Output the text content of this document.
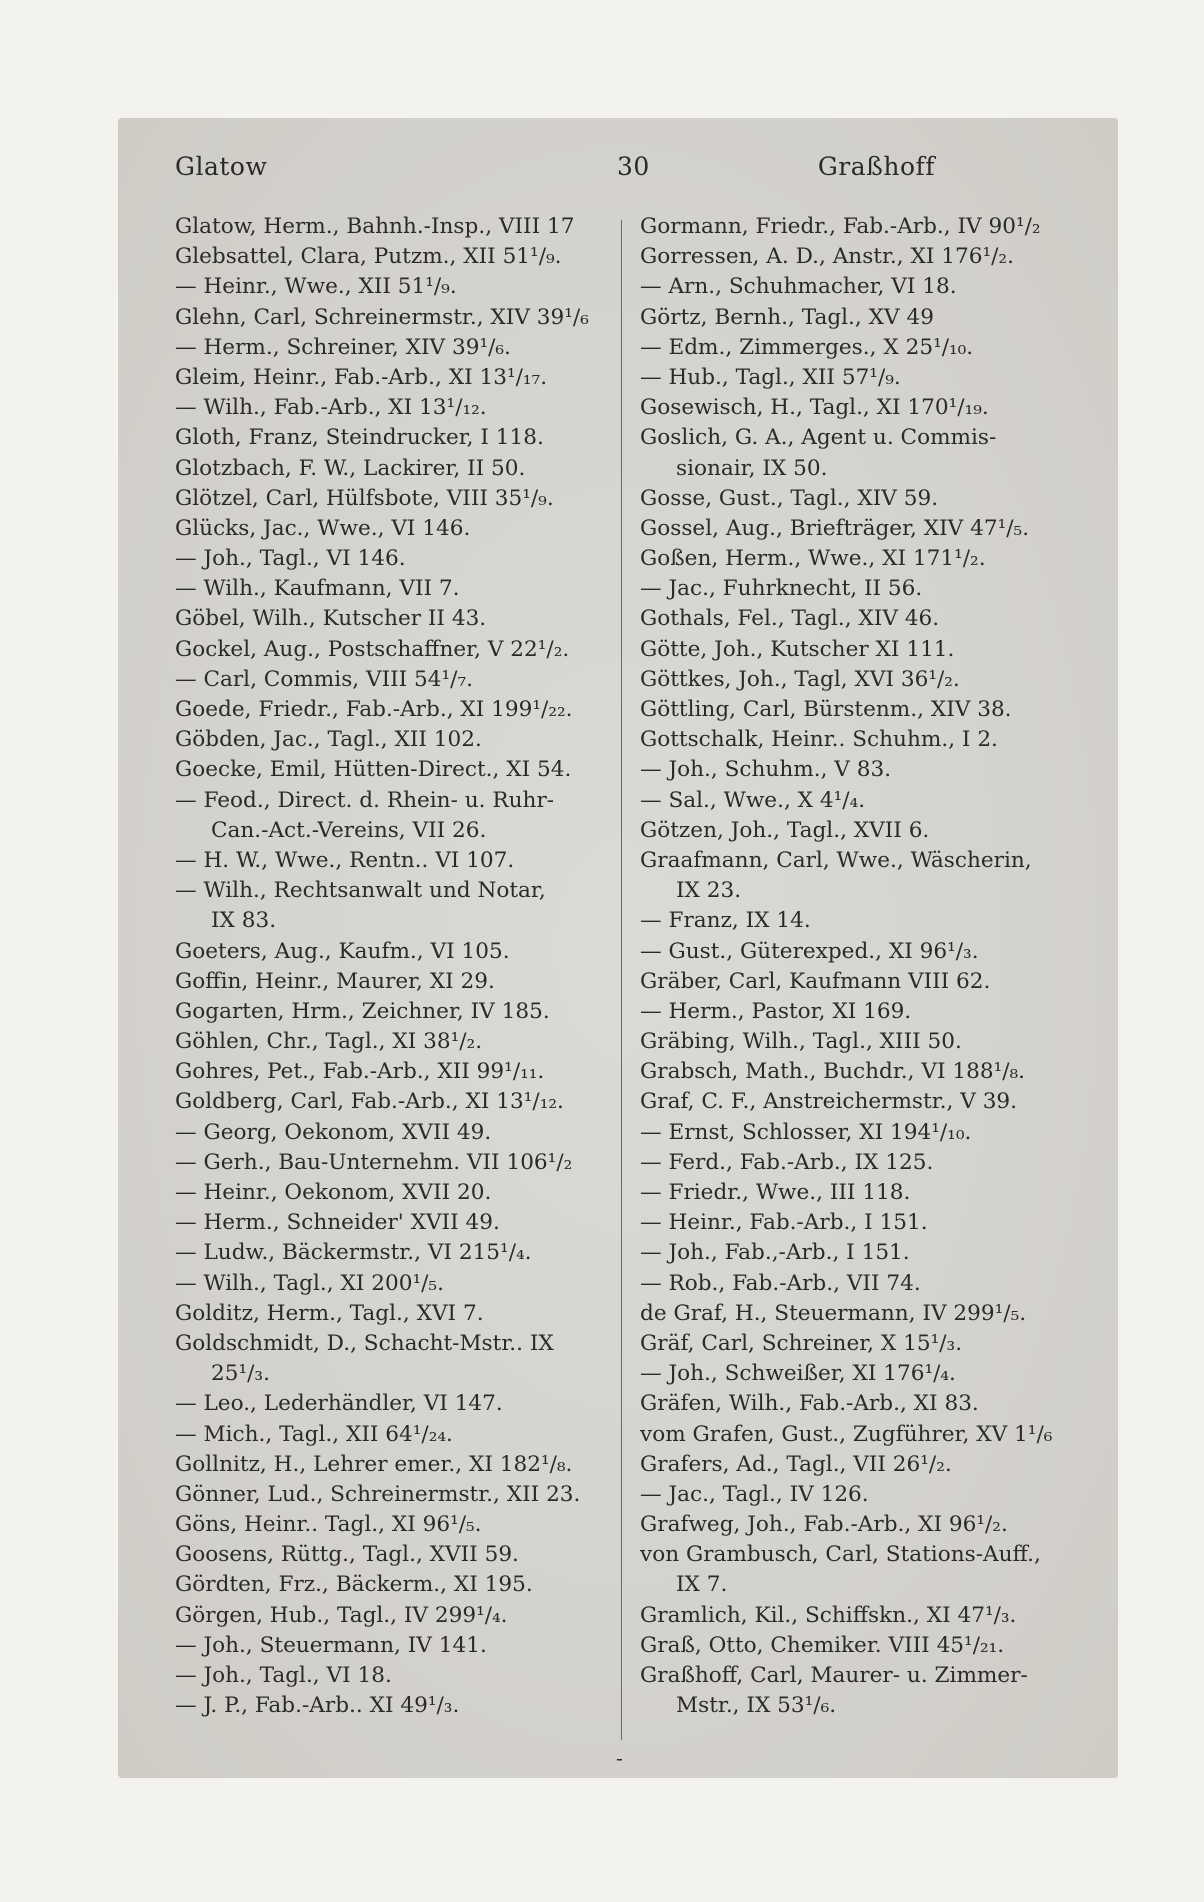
Glatow	30	Graßhoff
Glatow, Herm., Bahnh.-Insp., VIII 17
Glebsattel, Clara, Putzm., XII 51¹/₉.
— Heinr., Wwe., XII 51¹/₉.
Glehn, Carl, Schreinermstr., XIV 39¹/₆
— Herm., Schreiner, XIV 39¹/₆.
Gleim, Heinr., Fab.-Arb., XI 13¹/₁₇.
— Wilh., Fab.-Arb., XI 13¹/₁₂.
Gloth, Franz, Steindrucker, I 118.
Glotzbach, F. W., Lackirer, II 50.
Glötzel, Carl, Hülfsbote, VIII 35¹/₉.
Glücks, Jac., Wwe., VI 146.
— Joh., Tagl., VI 146.
— Wilh., Kaufmann, VII 7.
Göbel, Wilh., Kutscher II 43.
Gockel, Aug., Postschaffner, V 22¹/₂.
— Carl, Commis, VIII 54¹/₇.
Goede, Friedr., Fab.-Arb., XI 199¹/₂₂.
Göbden, Jac., Tagl., XII 102.
Goecke, Emil, Hütten-Direct., XI 54.
— Feod., Direct. d. Rhein- u. Ruhr-
Can.-Act.-Vereins, VII 26.
— H. W., Wwe., Rentn.. VI 107.
— Wilh., Rechtsanwalt und Notar,
IX 83.
Goeters, Aug., Kaufm., VI 105.
Goffin, Heinr., Maurer, XI 29.
Gogarten, Hrm., Zeichner, IV 185.
Göhlen, Chr., Tagl., XI 38¹/₂.
Gohres, Pet., Fab.-Arb., XII 99¹/₁₁.
Goldberg, Carl, Fab.-Arb., XI 13¹/₁₂.
— Georg, Oekonom, XVII 49.
— Gerh., Bau-Unternehm. VII 106¹/₂
— Heinr., Oekonom, XVII 20.
— Herm., Schneider' XVII 49.
— Ludw., Bäckermstr., VI 215¹/₄.
— Wilh., Tagl., XI 200¹/₅.
Golditz, Herm., Tagl., XVI 7.
Goldschmidt, D., Schacht-Mstr.. IX
25¹/₃.
— Leo., Lederhändler, VI 147.
— Mich., Tagl., XII 64¹/₂₄.
Gollnitz, H., Lehrer emer., XI 182¹/₈.
Gönner, Lud., Schreinermstr., XII 23.
Göns, Heinr.. Tagl., XI 96¹/₅.
Goosens, Rüttg., Tagl., XVII 59.
Gördten, Frz., Bäckerm., XI 195.
Görgen, Hub., Tagl., IV 299¹/₄.
— Joh., Steuermann, IV 141.
— Joh., Tagl., VI 18.
— J. P., Fab.-Arb.. XI 49¹/₃.
Gormann, Friedr., Fab.-Arb., IV 90¹/₂
Gorressen, A. D., Anstr., XI 176¹/₂.
— Arn., Schuhmacher, VI 18.
Görtz, Bernh., Tagl., XV 49
— Edm., Zimmerges., X 25¹/₁₀.
— Hub., Tagl., XII 57¹/₉.
Gosewisch, H., Tagl., XI 170¹/₁₉.
Goslich, G. A., Agent u. Commis-
sionair, IX 50.
Gosse, Gust., Tagl., XIV 59.
Gossel, Aug., Briefträger, XIV 47¹/₅.
Goßen, Herm., Wwe., XI 171¹/₂.
— Jac., Fuhrknecht, II 56.
Gothals, Fel., Tagl., XIV 46.
Götte, Joh., Kutscher XI 111.
Göttkes, Joh., Tagl, XVI 36¹/₂.
Göttling, Carl, Bürstenm., XIV 38.
Gottschalk, Heinr.. Schuhm., I 2.
— Joh., Schuhm., V 83.
— Sal., Wwe., X 4¹/₄.
Götzen, Joh., Tagl., XVII 6.
Graafmann, Carl, Wwe., Wäscherin,
IX 23.
— Franz, IX 14.
— Gust., Güterexped., XI 96¹/₃.
Gräber, Carl, Kaufmann VIII 62.
— Herm., Pastor, XI 169.
Gräbing, Wilh., Tagl., XIII 50.
Grabsch, Math., Buchdr., VI 188¹/₈.
Graf, C. F., Anstreichermstr., V 39.
— Ernst, Schlosser, XI 194¹/₁₀.
— Ferd., Fab.-Arb., IX 125.
— Friedr., Wwe., III 118.
— Heinr., Fab.-Arb., I 151.
— Joh., Fab.,-Arb., I 151.
— Rob., Fab.-Arb., VII 74.
de Graf, H., Steuermann, IV 299¹/₅.
Gräf, Carl, Schreiner, X 15¹/₃.
— Joh., Schweißer, XI 176¹/₄.
Gräfen, Wilh., Fab.-Arb., XI 83.
vom Grafen, Gust., Zugführer, XV 1¹/₆
Grafers, Ad., Tagl., VII 26¹/₂.
— Jac., Tagl., IV 126.
Grafweg, Joh., Fab.-Arb., XI 96¹/₂.
von Grambusch, Carl, Stations-Auff.,
IX 7.
Gramlich, Kil., Schiffskn., XI 47¹/₃.
Graß, Otto, Chemiker. VIII 45¹/₂₁.
Graßhoff, Carl, Maurer- u. Zimmer-
Mstr., IX 53¹/₆.
-
